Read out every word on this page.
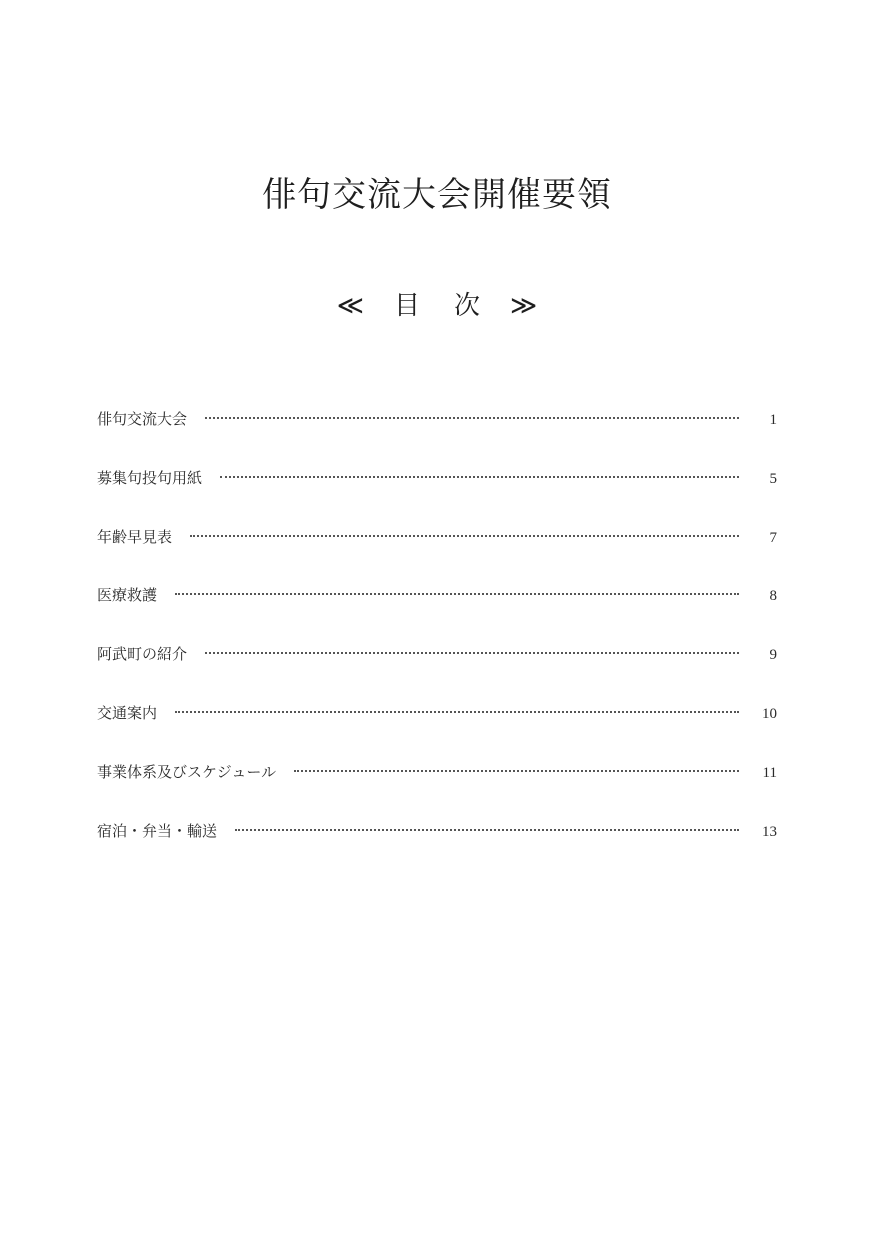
俳句交流大会開催要領
≪ 目 次 ≫
俳句交流大会	1
募集句投句用紙	5
年齢早見表	7
医療救護	8
阿武町の紹介	9
交通案内	10
事業体系及びスケジュール	11
宿泊・弁当・輸送	13
